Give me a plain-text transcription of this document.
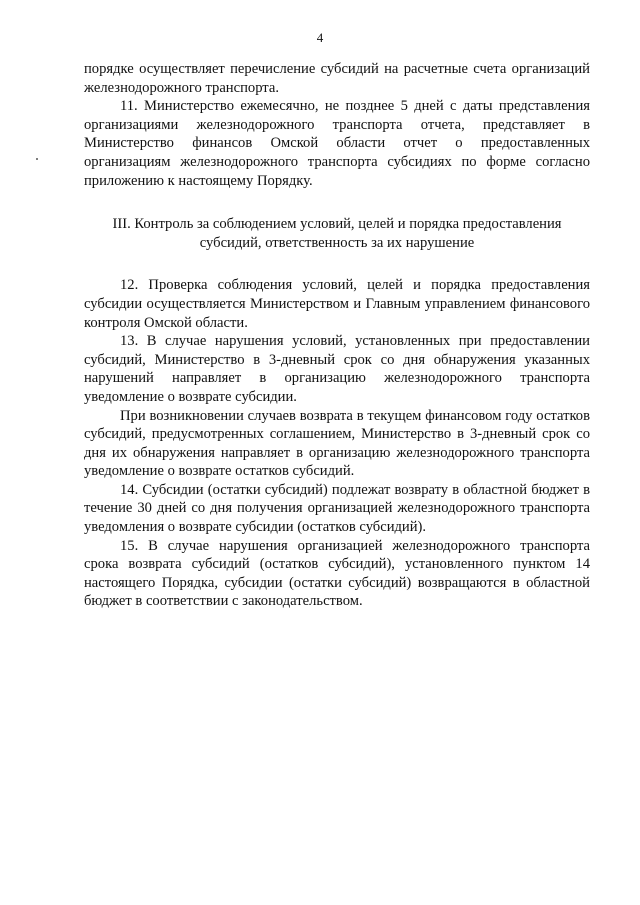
4

порядке осуществляет перечисление субсидий на расчетные счета организаций железнодорожного транспорта.

11. Министерство ежемесячно, не позднее 5 дней с даты представления организациями железнодорожного транспорта отчета, представляет в Министерство финансов Омской области отчет о предоставленных организациям железнодорожного транспорта субсидиях по форме согласно приложению к настоящему Порядку.

III. Контроль за соблюдением условий, целей и порядка предоставления субсидий, ответственность за их нарушение

12. Проверка соблюдения условий, целей и порядка предоставления субсидии осуществляется Министерством и Главным управлением финансового контроля Омской области.

13. В случае нарушения условий, установленных при предоставлении субсидий, Министерство в 3-дневный срок со дня обнаружения указанных нарушений направляет в организацию железнодорожного транспорта уведомление о возврате субсидии.

При возникновении случаев возврата в текущем финансовом году остатков субсидий, предусмотренных соглашением, Министерство в 3-дневный срок со дня их обнаружения направляет в организацию железнодорожного транспорта уведомление о возврате остатков субсидий.

14. Субсидии (остатки субсидий) подлежат возврату в областной бюджет в течение 30 дней со дня получения организацией железнодорожного транспорта уведомления о возврате субсидии (остатков субсидий).

15. В случае нарушения организацией железнодорожного транспорта срока возврата субсидий (остатков субсидий), установленного пунктом 14 настоящего Порядка, субсидии (остатки субсидий) возвращаются в областной бюджет в соответствии с законодательством.
